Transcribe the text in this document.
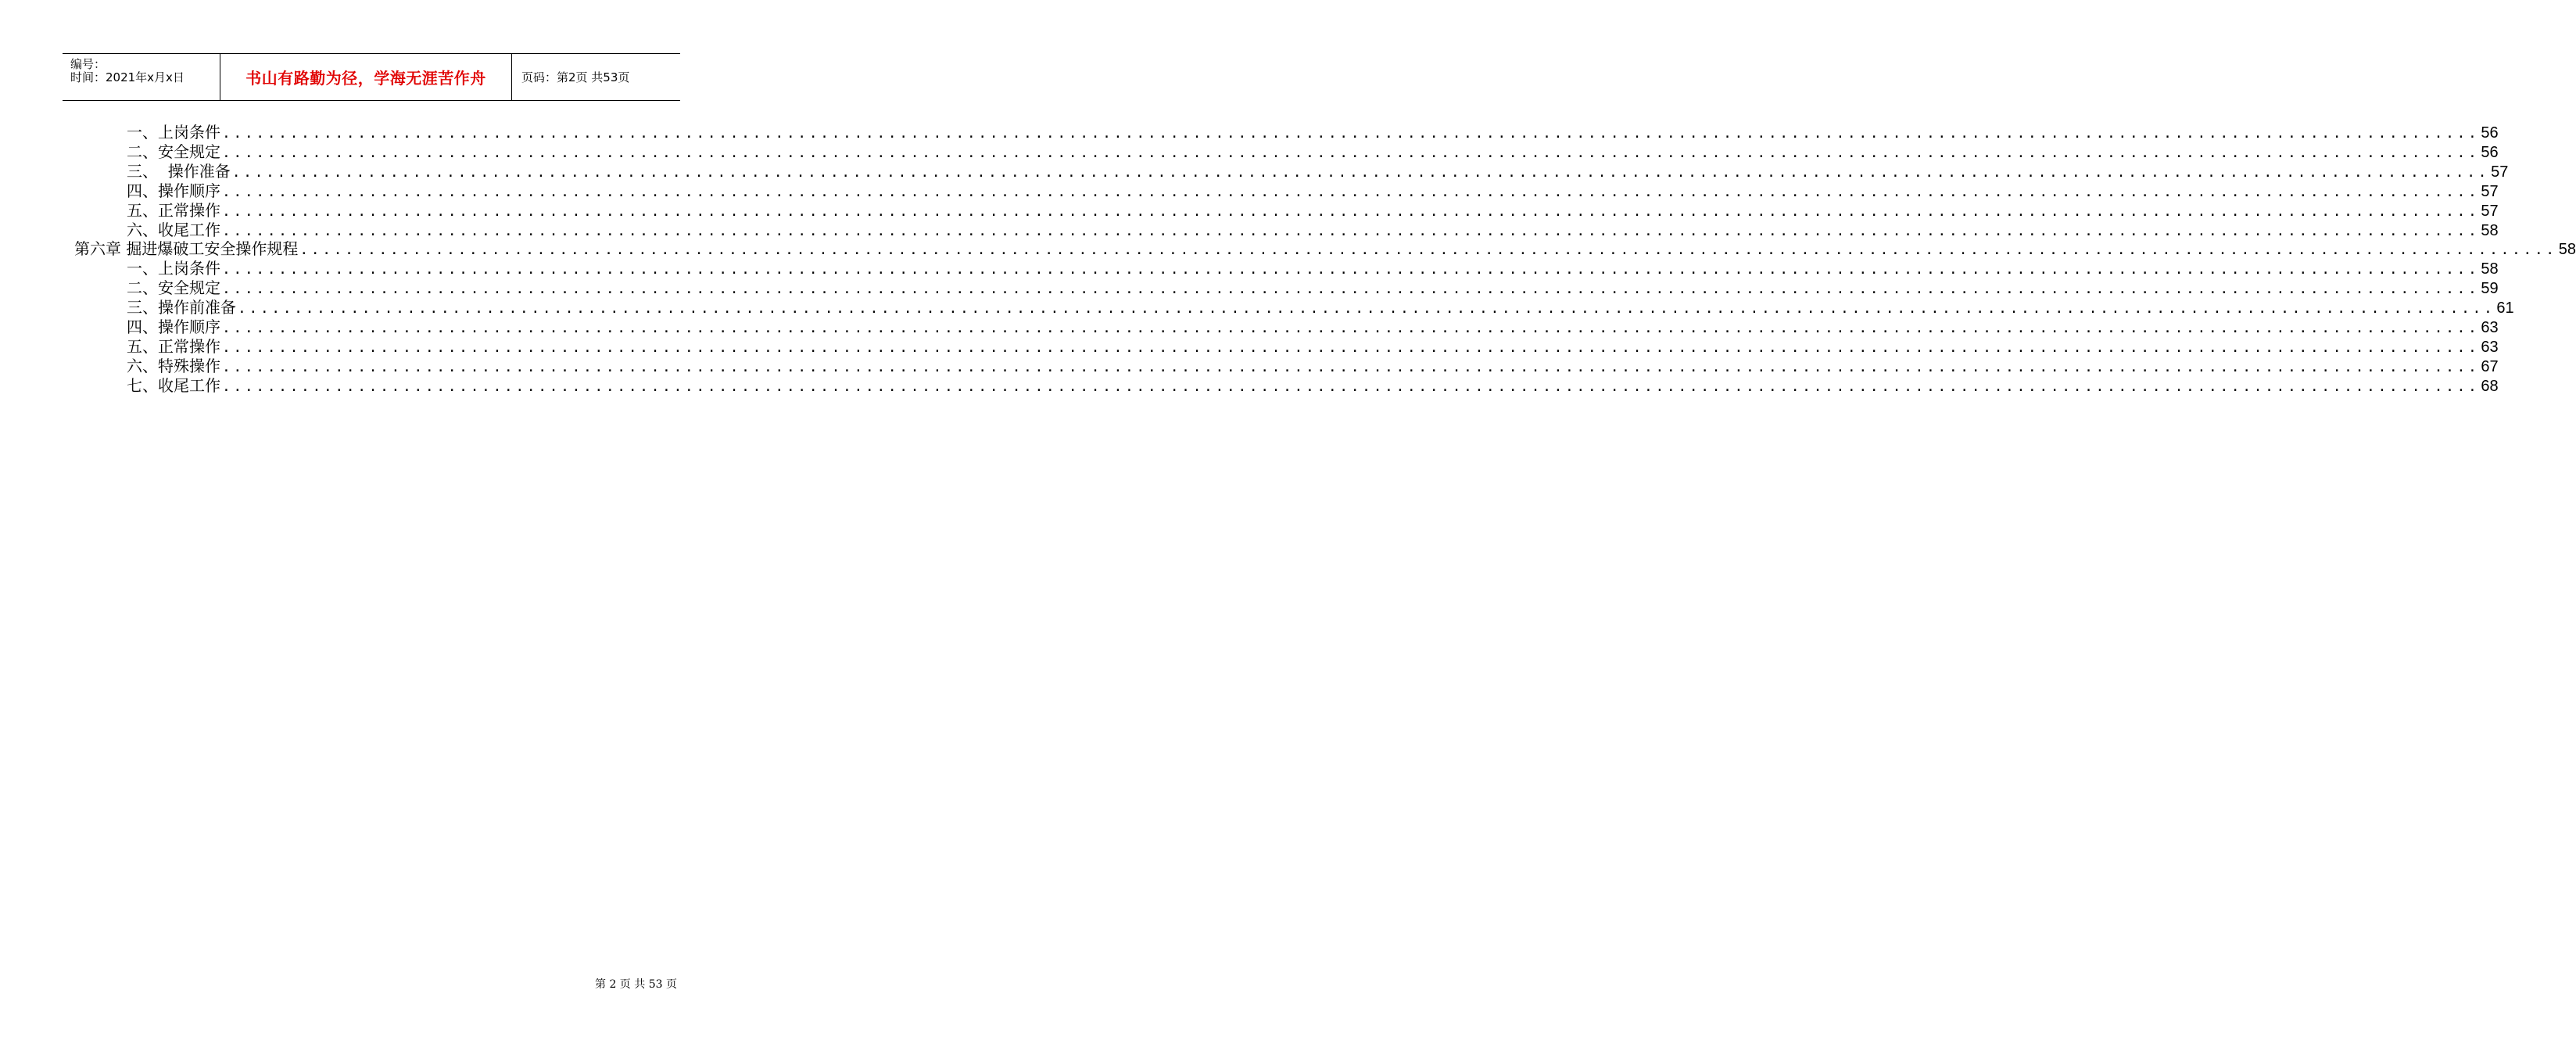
编号：
时间：2021年x月x日	书山有路勤为径，学海无涯苦作舟	页码：第2页 共53页
一、上岗条件 ........................................................................................................................................................................................................ 56
二、安全规定 ........................................................................................................................................................................................................ 56
三、  操作准备 ........................................................................................................................................................................................................ 57
四、操作顺序 ........................................................................................................................................................................................................ 57
五、正常操作 ........................................................................................................................................................................................................ 57
六、收尾工作 ........................................................................................................................................................................................................ 58
第六章 掘进爆破工安全操作规程 ........................................................................................................................................................................................................ 58
一、上岗条件 ........................................................................................................................................................................................................ 58
二、安全规定 ........................................................................................................................................................................................................ 59
三、操作前准备 ........................................................................................................................................................................................................ 61
四、操作顺序 ........................................................................................................................................................................................................ 63
五、正常操作 ........................................................................................................................................................................................................ 63
六、特殊操作 ........................................................................................................................................................................................................ 67
七、收尾工作 ........................................................................................................................................................................................................ 68
第 2 页 共 53 页
